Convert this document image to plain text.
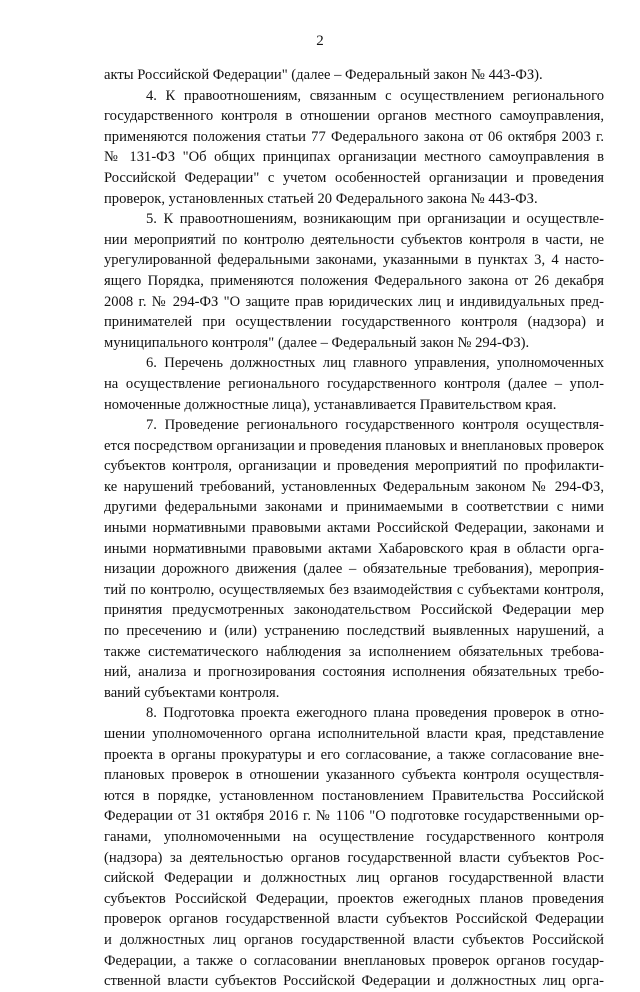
2
акты Российской Федерации" (далее – Федеральный закон № 443-ФЗ).
4. К правоотношениям, связанным с осуществлением регионального
государственного контроля в отношении органов местного самоуправления,
применяются положения статьи 77 Федерального закона от 06 октября 2003 г.
№ 131-ФЗ "Об общих принципах организации местного самоуправления в
Российской Федерации" с учетом особенностей организации и проведения
проверок, установленных статьей 20 Федерального закона № 443-ФЗ.
5. К правоотношениям, возникающим при организации и осуществле-
нии мероприятий по контролю деятельности субъектов контроля в части, не
урегулированной федеральными законами, указанными в пунктах 3, 4 насто-
ящего Порядка, применяются положения Федерального закона от 26 декабря
2008 г. № 294-ФЗ "О защите прав юридических лиц и индивидуальных пред-
принимателей при осуществлении государственного контроля (надзора) и
муниципального контроля" (далее – Федеральный закон № 294-ФЗ).
6. Перечень должностных лиц главного управления, уполномоченных
на осуществление регионального государственного контроля (далее – упол-
номоченные должностные лица), устанавливается Правительством края.
7. Проведение регионального государственного контроля осуществля-
ется посредством организации и проведения плановых и внеплановых проверок
субъектов контроля, организации и проведения мероприятий по профилакти-
ке нарушений требований, установленных Федеральным законом № 294-ФЗ,
другими федеральными законами и принимаемыми в соответствии с ними
иными нормативными правовыми актами Российской Федерации, законами и
иными нормативными правовыми актами Хабаровского края в области орга-
низации дорожного движения (далее – обязательные требования), мероприя-
тий по контролю, осуществляемых без взаимодействия с субъектами контроля,
принятия предусмотренных законодательством Российской Федерации мер
по пресечению и (или) устранению последствий выявленных нарушений, а
также систематического наблюдения за исполнением обязательных требова-
ний, анализа и прогнозирования состояния исполнения обязательных требо-
ваний субъектами контроля.
8. Подготовка проекта ежегодного плана проведения проверок в отно-
шении уполномоченного органа исполнительной власти края, представление
проекта в органы прокуратуры и его согласование, а также согласование вне-
плановых проверок в отношении указанного субъекта контроля осуществля-
ются в порядке, установленном постановлением Правительства Российской
Федерации от 31 октября 2016 г. № 1106 "О подготовке государственными ор-
ганами, уполномоченными на осуществление государственного контроля
(надзора) за деятельностью органов государственной власти субъектов Рос-
сийской Федерации и должностных лиц органов государственной власти
субъектов Российской Федерации, проектов ежегодных планов проведения
проверок органов государственной власти субъектов Российской Федерации
и должностных лиц органов государственной власти субъектов Российской
Федерации, а также о согласовании внеплановых проверок органов государ-
ственной власти субъектов Российской Федерации и должностных лиц орга-
